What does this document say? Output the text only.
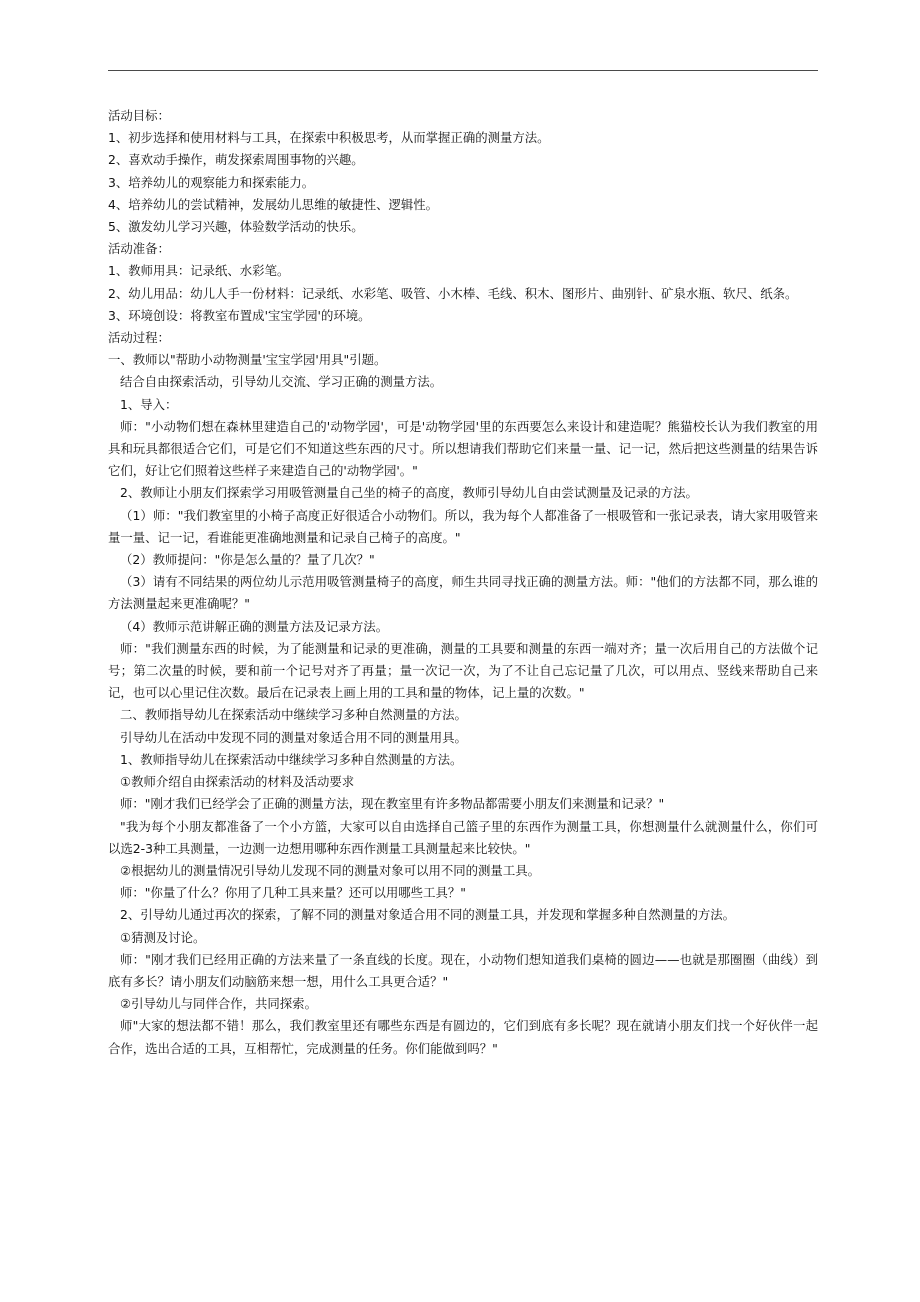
活动目标：

1、初步选择和使用材料与工具，在探索中积极思考，从而掌握正确的测量方法。

2、喜欢动手操作，萌发探索周围事物的兴趣。

3、培养幼儿的观察能力和探索能力。

4、培养幼儿的尝试精神，发展幼儿思维的敏捷性、逻辑性。

5、激发幼儿学习兴趣，体验数学活动的快乐。

活动准备：

1、教师用具：记录纸、水彩笔。

2、幼儿用品：幼儿人手一份材料：记录纸、水彩笔、吸管、小木棒、毛线、积木、图形片、曲别针、矿泉水瓶、软尺、纸条。

3、环境创设：将教室布置成'宝宝学园'的环境。

活动过程：

一、教师以"帮助小动物测量'宝宝学园'用具"引题。

结合自由探索活动，引导幼儿交流、学习正确的测量方法。

1、导入：

师："小动物们想在森林里建造自己的'动物学园'，可是'动物学园'里的东西要怎么来设计和建造呢？熊猫校长认为我们教室的用具和玩具都很适合它们，可是它们不知道这些东西的尺寸。所以想请我们帮助它们来量一量、记一记，然后把这些测量的结果告诉它们，好让它们照着这些样子来建造自己的'动物学园'。"

2、教师让小朋友们探索学习用吸管测量自己坐的椅子的高度，教师引导幼儿自由尝试测量及记录的方法。

（1）师："我们教室里的小椅子高度正好很适合小动物们。所以，我为每个人都准备了一根吸管和一张记录表，请大家用吸管来量一量、记一记，看谁能更准确地测量和记录自己椅子的高度。"

（2）教师提问："你是怎么量的？量了几次？"

（3）请有不同结果的两位幼儿示范用吸管测量椅子的高度，师生共同寻找正确的测量方法。师："他们的方法都不同，那么谁的方法测量起来更准确呢？"

（4）教师示范讲解正确的测量方法及记录方法。

师："我们测量东西的时候，为了能测量和记录的更准确，测量的工具要和测量的东西一端对齐；量一次后用自己的方法做个记号；第二次量的时候，要和前一个记号对齐了再量；量一次记一次，为了不让自己忘记量了几次，可以用点、竖线来帮助自己来记，也可以心里记住次数。最后在记录表上画上用的工具和量的物体，记上量的次数。"

二、教师指导幼儿在探索活动中继续学习多种自然测量的方法。

引导幼儿在活动中发现不同的测量对象适合用不同的测量用具。

1、教师指导幼儿在探索活动中继续学习多种自然测量的方法。

①教师介绍自由探索活动的材料及活动要求

师："刚才我们已经学会了正确的测量方法，现在教室里有许多物品都需要小朋友们来测量和记录？"

"我为每个小朋友都准备了一个小方篮，大家可以自由选择自己篮子里的东西作为测量工具，你想测量什么就测量什么，你们可以选2-3种工具测量，一边测一边想用哪种东西作测量工具测量起来比较快。"

②根据幼儿的测量情况引导幼儿发现不同的测量对象可以用不同的测量工具。

师："你量了什么？你用了几种工具来量？还可以用哪些工具？"

2、引导幼儿通过再次的探索，了解不同的测量对象适合用不同的测量工具，并发现和掌握多种自然测量的方法。

①猜测及讨论。

师："刚才我们已经用正确的方法来量了一条直线的长度。现在，小动物们想知道我们桌椅的圆边——也就是那圈圈（曲线）到底有多长？请小朋友们动脑筋来想一想，用什么工具更合适？"

②引导幼儿与同伴合作，共同探索。

师"大家的想法都不错！那么，我们教室里还有哪些东西是有圆边的，它们到底有多长呢？现在就请小朋友们找一个好伙伴一起合作，选出合适的工具，互相帮忙，完成测量的任务。你们能做到吗？"
